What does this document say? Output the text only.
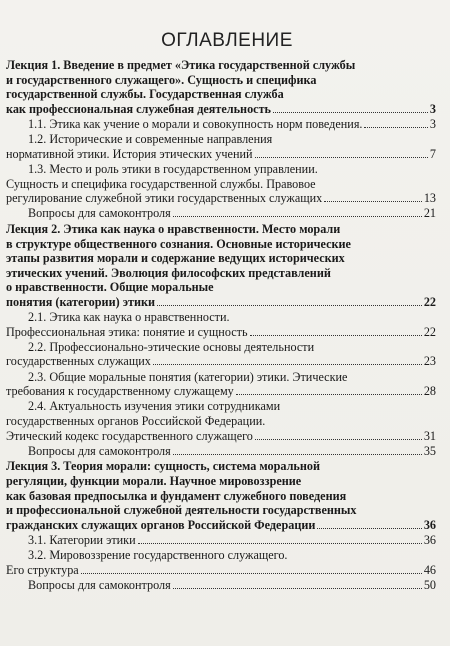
ОГЛАВЛЕНИЕ
Лекция 1. Введение в предмет «Этика государственной службы
и государственного служащего». Сущность и специфика
государственной службы. Государственная служба
как профессиональная служебная деятельность	3
1.1. Этика как учение о морали и совокупность норм поведения.	3
1.2. Исторические и современные направления
нормативной этики. История этических учений	7
1.3. Место и роль этики в государственном управлении.
Сущность и специфика государственной службы. Правовое
регулирование служебной этики государственных служащих	13
Вопросы для самоконтроля	21
Лекция 2. Этика как наука о нравственности. Место морали
в структуре общественного сознания. Основные исторические
этапы развития морали и содержание ведущих исторических
этических учений. Эволюция философских представлений
о нравственности. Общие моральные
понятия (категории) этики	22
2.1. Этика как наука о нравственности.
Профессиональная этика: понятие и сущность	22
2.2. Профессионально-этические основы деятельности
государственных служащих	23
2.3. Общие моральные понятия (категории) этики. Этические
требования к государственному служащему	28
2.4. Актуальность изучения этики сотрудниками
государственных органов Российской Федерации.
Этический кодекс государственного служащего	31
Вопросы для самоконтроля	35
Лекция 3. Теория морали: сущность, система моральной
регуляции, функции морали. Научное мировоззрение
как базовая предпосылка и фундамент служебного поведения
и профессиональной служебной деятельности государственных
гражданских служащих органов Российской Федерации	36
3.1. Категории этики	36
3.2. Мировоззрение государственного служащего.
Его структура	46
Вопросы для самоконтроля	50
